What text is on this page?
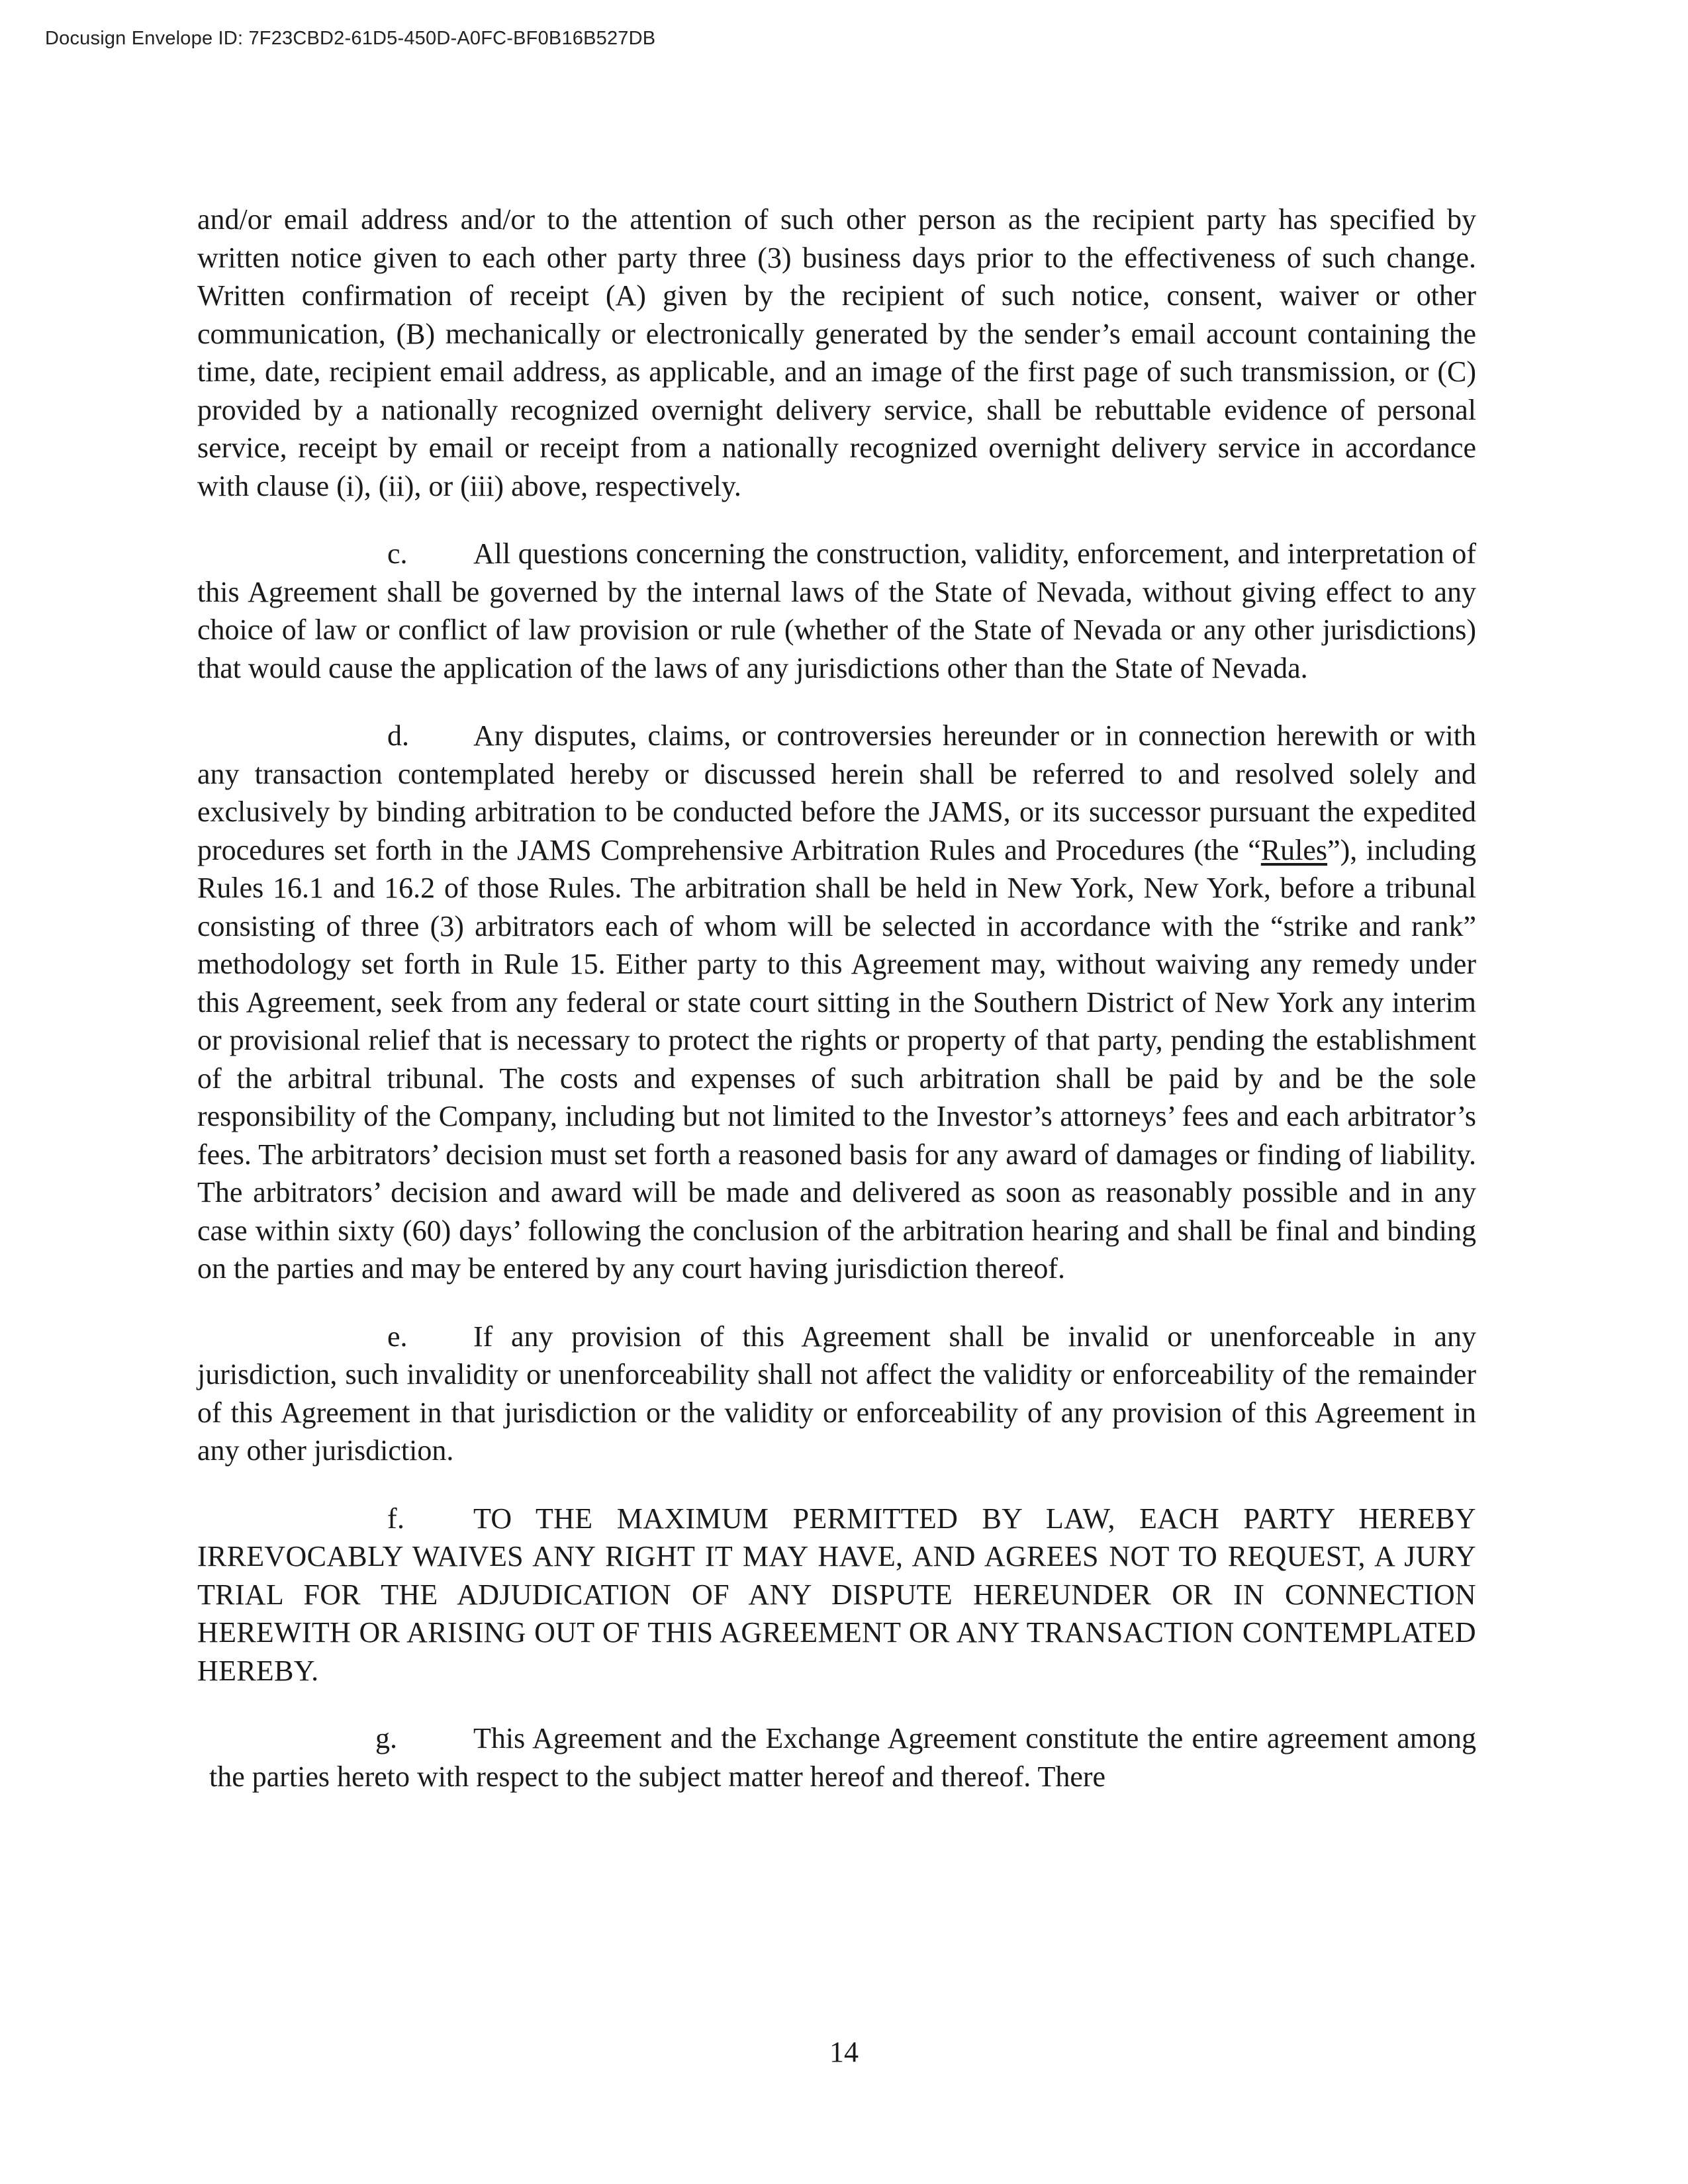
Docusign Envelope ID: 7F23CBD2-61D5-450D-A0FC-BF0B16B527DB

and/or email address and/or to the attention of such other person as the recipient party has specified by written notice given to each other party three (3) business days prior to the effectiveness of such change. Written confirmation of receipt (A) given by the recipient of such notice, consent, waiver or other communication, (B) mechanically or electronically generated by the sender’s email account containing the time, date, recipient email address, as applicable, and an image of the first page of such transmission, or (C) provided by a nationally recognized overnight delivery service, shall be rebuttable evidence of personal service, receipt by email or receipt from a nationally recognized overnight delivery service in accordance with clause (i), (ii), or (iii) above, respectively.

c. All questions concerning the construction, validity, enforcement, and interpretation of this Agreement shall be governed by the internal laws of the State of Nevada, without giving effect to any choice of law or conflict of law provision or rule (whether of the State of Nevada or any other jurisdictions) that would cause the application of the laws of any jurisdictions other than the State of Nevada.

d. Any disputes, claims, or controversies hereunder or in connection herewith or with any transaction contemplated hereby or discussed herein shall be referred to and resolved solely and exclusively by binding arbitration to be conducted before the JAMS, or its successor pursuant the expedited procedures set forth in the JAMS Comprehensive Arbitration Rules and Procedures (the “Rules”), including Rules 16.1 and 16.2 of those Rules. The arbitration shall be held in New York, New York, before a tribunal consisting of three (3) arbitrators each of whom will be selected in accordance with the “strike and rank” methodology set forth in Rule 15. Either party to this Agreement may, without waiving any remedy under this Agreement, seek from any federal or state court sitting in the Southern District of New York any interim or provisional relief that is necessary to protect the rights or property of that party, pending the establishment of the arbitral tribunal. The costs and expenses of such arbitration shall be paid by and be the sole responsibility of the Company, including but not limited to the Investor’s attorneys’ fees and each arbitrator’s fees. The arbitrators’ decision must set forth a reasoned basis for any award of damages or finding of liability. The arbitrators’ decision and award will be made and delivered as soon as reasonably possible and in any case within sixty (60) days’ following the conclusion of the arbitration hearing and shall be final and binding on the parties and may be entered by any court having jurisdiction thereof.

e. If any provision of this Agreement shall be invalid or unenforceable in any jurisdiction, such invalidity or unenforceability shall not affect the validity or enforceability of the remainder of this Agreement in that jurisdiction or the validity or enforceability of any provision of this Agreement in any other jurisdiction.

f. TO THE MAXIMUM PERMITTED BY LAW, EACH PARTY HEREBY IRREVOCABLY WAIVES ANY RIGHT IT MAY HAVE, AND AGREES NOT TO REQUEST, A JURY TRIAL FOR THE ADJUDICATION OF ANY DISPUTE HEREUNDER OR IN CONNECTION HEREWITH OR ARISING OUT OF THIS AGREEMENT OR ANY TRANSACTION CONTEMPLATED HEREBY.

g.	This Agreement and the Exchange Agreement constitute the entire agreement among the parties hereto with respect to the subject matter hereof and thereof. There

14
